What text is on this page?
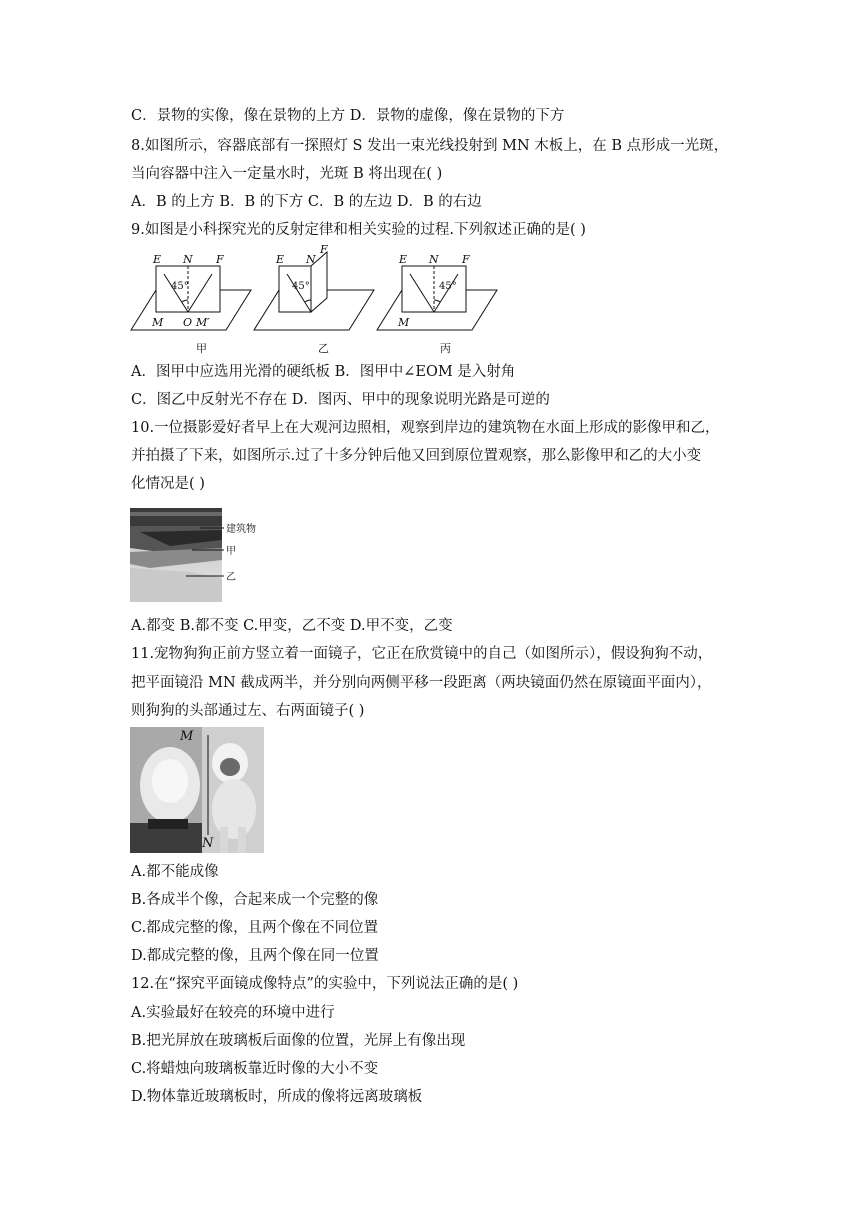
C．景物的实像，像在景物的上方 D．景物的虚像，像在景物的下方
8.如图所示，容器底部有一探照灯 S 发出一束光线投射到 MN 木板上，在 B 点形成一光斑，
当向容器中注入一定量水时，光斑 B 将出现在( )
A．B 的上方 B．B 的下方 C．B 的左边 D．B 的右边
9.如图是小科探究光的反射定律和相关实验的过程.下列叙述正确的是( )
E N F
45°
M O M′
E N
F
45°
E N F
45°
M
甲	乙	丙
A．图甲中应选用光滑的硬纸板 B．图甲中∠EOM 是入射角
C．图乙中反射光不存在 D．图丙、甲中的现象说明光路是可逆的
10.一位摄影爱好者早上在大观河边照相，观察到岸边的建筑物在水面上形成的影像甲和乙，
并拍摄了下来，如图所示.过了十多分钟后他又回到原位置观察，那么影像甲和乙的大小变
化情况是( )
建筑物
甲
乙
A.都变 B.都不变 C.甲变，乙不变 D.甲不变，乙变
11.宠物狗狗正前方竖立着一面镜子，它正在欣赏镜中的自己（如图所示），假设狗狗不动，
把平面镜沿 MN 截成两半，并分别向两侧平移一段距离（两块镜面仍然在原镜面平面内），
则狗狗的头部通过左、右两面镜子( )
M
N
A.都不能成像
B.各成半个像，合起来成一个完整的像
C.都成完整的像，且两个像在不同位置
D.都成完整的像，且两个像在同一位置
12.在“探究平面镜成像特点”的实验中，下列说法正确的是( )
A.实验最好在较亮的环境中进行
B.把光屏放在玻璃板后面像的位置，光屏上有像出现
C.将蜡烛向玻璃板靠近时像的大小不变
D.物体靠近玻璃板时，所成的像将远离玻璃板
